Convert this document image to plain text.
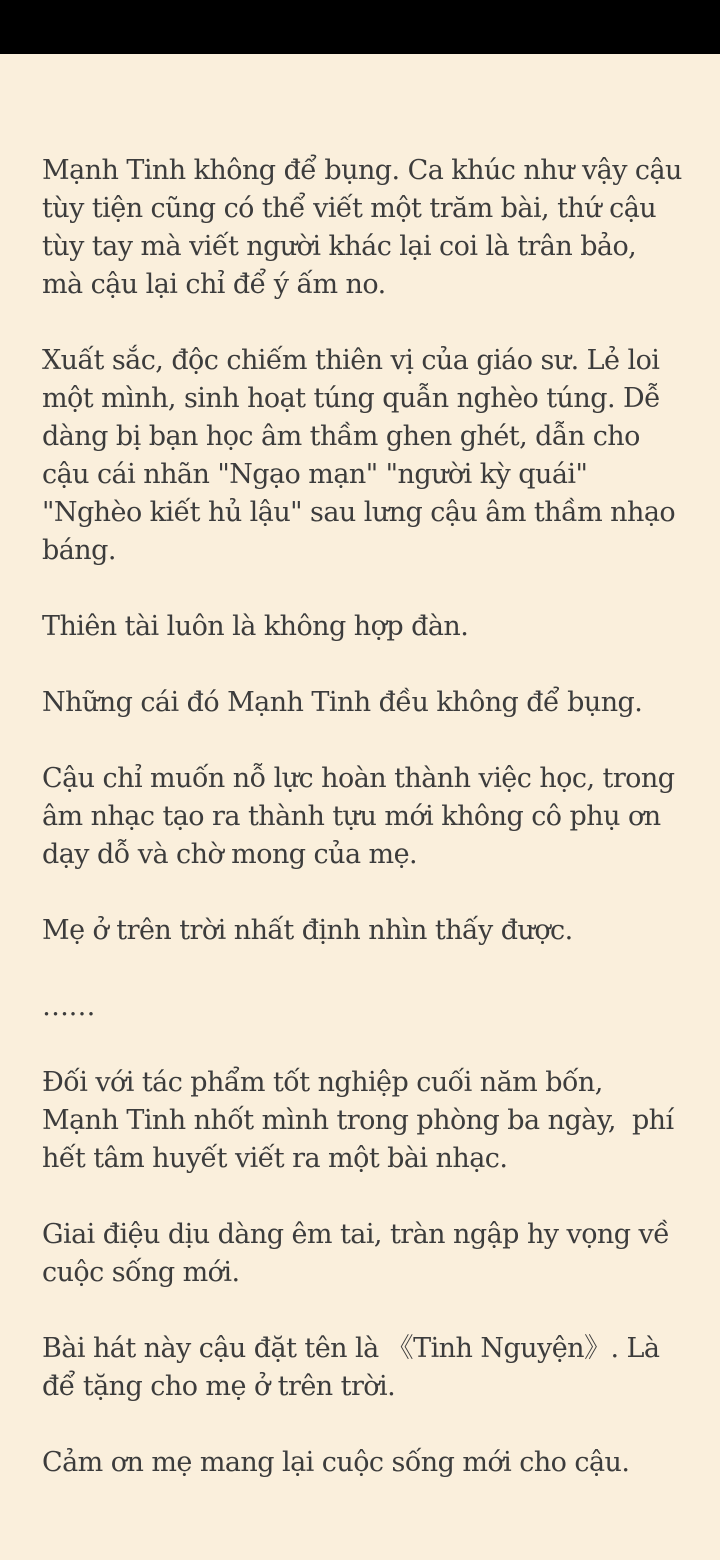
Mạnh Tinh không để bụng. Ca khúc như vậy cậu tùy tiện cũng có thể viết một trăm bài, thứ cậu tùy tay mà viết người khác lại coi là trân bảo, mà cậu lại chỉ để ý ấm no.

Xuất sắc, độc chiếm thiên vị của giáo sư. Lẻ loi một mình, sinh hoạt túng quẫn nghèo túng. Dễ dàng bị bạn học âm thầm ghen ghét, dẫn cho cậu cái nhãn "Ngạo mạn" "người kỳ quái" "Nghèo kiết hủ lậu" sau lưng cậu âm thầm nhạo báng.

Thiên tài luôn là không hợp đàn.

Những cái đó Mạnh Tinh đều không để bụng.

Cậu chỉ muốn nỗ lực hoàn thành việc học, trong âm nhạc tạo ra thành tựu mới không cô phụ ơn dạy dỗ và chờ mong của mẹ.

Mẹ ở trên trời nhất định nhìn thấy được.

……

Đối với tác phẩm tốt nghiệp cuối năm bốn, Mạnh Tinh nhốt mình trong phòng ba ngày,  phí hết tâm huyết viết ra một bài nhạc.

Giai điệu dịu dàng êm tai, tràn ngập hy vọng về cuộc sống mới.

Bài hát này cậu đặt tên là 《Tinh Nguyện》. Là để tặng cho mẹ ở trên trời.

Cảm ơn mẹ mang lại cuộc sống mới cho cậu.
